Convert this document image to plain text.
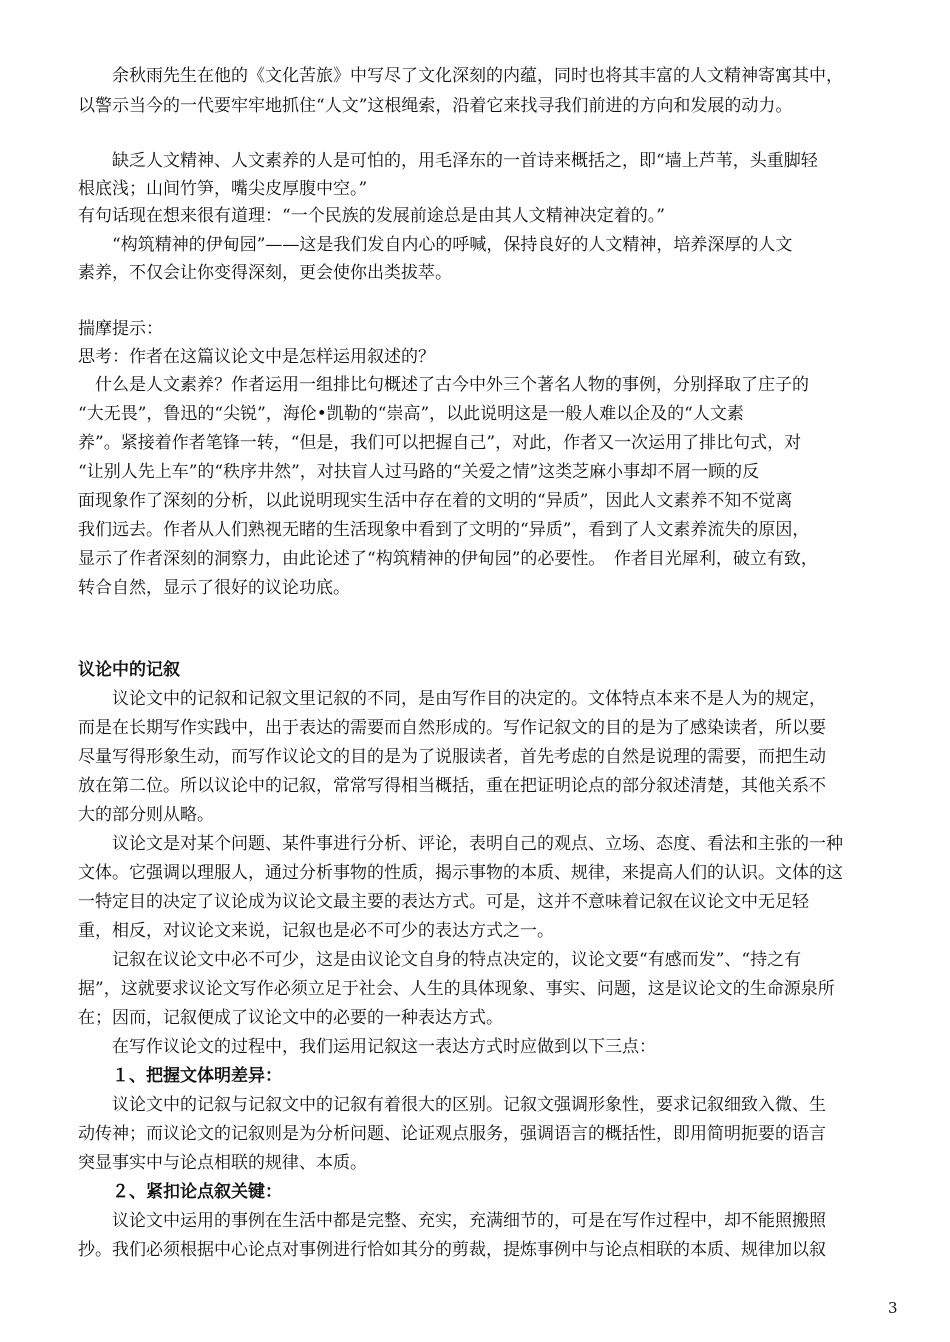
　　余秋雨先生在他的《文化苦旅》中写尽了文化深刻的内蕴，同时也将其丰富的人文精神寄寓其中，
以警示当今的一代要牢牢地抓住“人文”这根绳索，沿着它来找寻我们前进的方向和发展的动力。
　　缺乏人文精神、人文素养的人是可怕的，用毛泽东的一首诗来概括之，即“墙上芦苇，头重脚轻
根底浅；山间竹笋，嘴尖皮厚腹中空。”
有句话现在想来很有道理：“一个民族的发展前途总是由其人文精神决定着的。”
　　“构筑精神的伊甸园”——这是我们发自内心的呼喊，保持良好的人文精神，培养深厚的人文
素养，不仅会让你变得深刻，更会使你出类拔萃。
揣摩提示：
思考：作者在这篇议论文中是怎样运用叙述的？
　什么是人文素养？作者运用一组排比句概述了古今中外三个著名人物的事例，分别择取了庄子的
“大无畏”，鲁迅的“尖锐”，海伦•凯勒的“崇高”，以此说明这是一般人难以企及的“人文素
养”。紧接着作者笔锋一转，“但是，我们可以把握自己”，对此，作者又一次运用了排比句式，对
“让别人先上车”的“秩序井然”，对扶盲人过马路的“关爱之情”这类芝麻小事却不屑一顾的反
面现象作了深刻的分析，以此说明现实生活中存在着的文明的“异质”，因此人文素养不知不觉离
我们远去。作者从人们熟视无睹的生活现象中看到了文明的“异质”，看到了人文素养流失的原因，
显示了作者深刻的洞察力，由此论述了“构筑精神的伊甸园”的必要性。　作者目光犀利，破立有致，
转合自然，显示了很好的议论功底。
议论中的记叙
　　议论文中的记叙和记叙文里记叙的不同，是由写作目的决定的。文体特点本来不是人为的规定，
而是在长期写作实践中，出于表达的需要而自然形成的。写作记叙文的目的是为了感染读者，所以要
尽量写得形象生动，而写作议论文的目的是为了说服读者，首先考虑的自然是说理的需要，而把生动
放在第二位。所以议论中的记叙，常常写得相当概括，重在把证明论点的部分叙述清楚，其他关系不
大的部分则从略。
　　议论文是对某个问题、某件事进行分析、评论，表明自己的观点、立场、态度、看法和主张的一种
文体。它强调以理服人，通过分析事物的性质，揭示事物的本质、规律，来提高人们的认识。文体的这
一特定目的决定了议论成为议论文最主要的表达方式。可是，这并不意味着记叙在议论文中无足轻
重，相反，对议论文来说，记叙也是必不可少的表达方式之一。
　　记叙在议论文中必不可少，这是由议论文自身的特点决定的，议论文要“有感而发”、“持之有
据”，这就要求议论文写作必须立足于社会、人生的具体现象、事实、问题，这是议论文的生命源泉所
在；因而，记叙便成了议论文中的必要的一种表达方式。
　　在写作议论文的过程中，我们运用记叙这一表达方式时应做到以下三点：
　　１、把握文体明差异：
　　议论文中的记叙与记叙文中的记叙有着很大的区别。记叙文强调形象性，要求记叙细致入微、生
动传神；而议论文的记叙则是为分析问题、论证观点服务，强调语言的概括性，即用简明扼要的语言
突显事实中与论点相联的规律、本质。
　　２、紧扣论点叙关键：
　　议论文中运用的事例在生活中都是完整、充实，充满细节的，可是在写作过程中，却不能照搬照
抄。我们必须根据中心论点对事例进行恰如其分的剪裁，提炼事例中与论点相联的本质、规律加以叙
3
